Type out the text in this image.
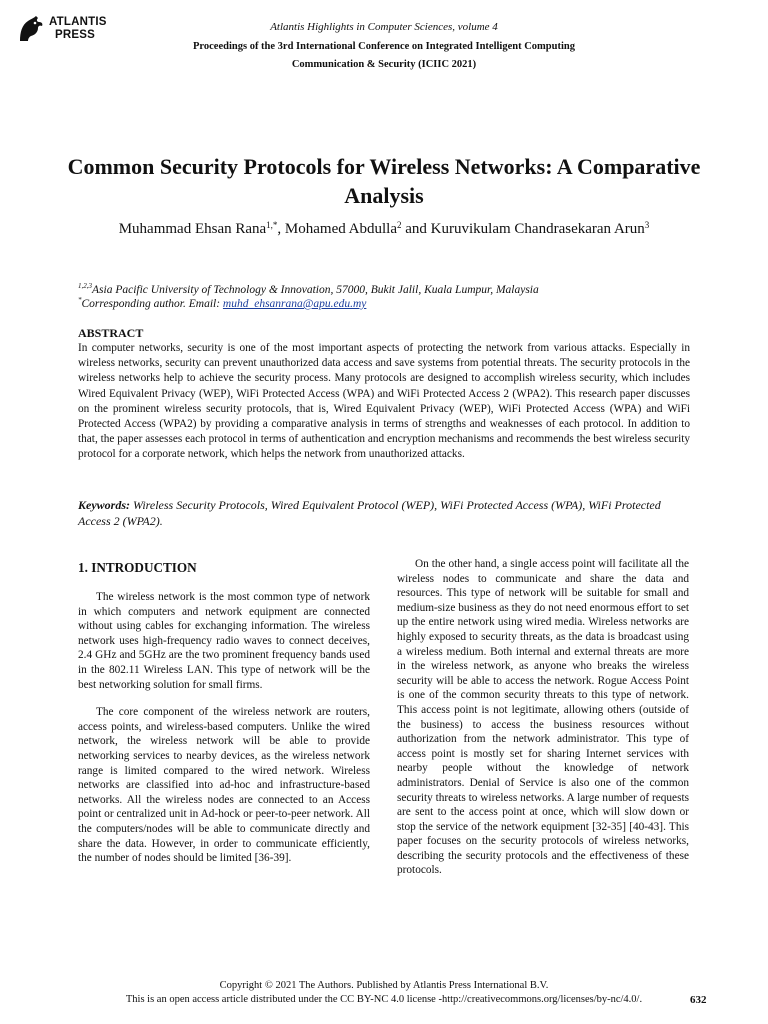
ATLANTIS
PRESS
Atlantis Highlights in Computer Sciences, volume 4
Proceedings of the 3rd International Conference on Integrated Intelligent Computing
Communication & Security (ICIIC 2021)
Common Security Protocols for Wireless Networks: A Comparative Analysis
Muhammad Ehsan Rana$^{1,*}$, Mohamed Abdulla$^2$ and Kuruvikulam Chandrasekaran Arun$^3$
$^{1,2,3}$Asia Pacific University of Technology & Innovation, 57000, Bukit Jalil, Kuala Lumpur, Malaysia
*Corresponding author. Email: muhd_ehsanrana@apu.edu.my
ABSTRACT

In computer networks, security is one of the most important aspects of protecting the network from various attacks. Especially in wireless networks, security can prevent unauthorized data access and save systems from potential threats. The security protocols in the wireless networks help to achieve the security process. Many protocols are designed to accomplish wireless security, which includes Wired Equivalent Privacy (WEP), WiFi Protected Access (WPA) and WiFi Protected Access 2 (WPA2). This research paper discusses on the prominent wireless security protocols, that is, Wired Equivalent Privacy (WEP), WiFi Protected Access (WPA) and WiFi Protected Access (WPA2) by providing a comparative analysis in terms of strengths and weaknesses of each protocol. In addition to that, the paper assesses each protocol in terms of authentication and encryption mechanisms and recommends the best wireless security protocol for a corporate network, which helps the network from unauthorized attacks.

Keywords: Wireless Security Protocols, Wired Equivalent Protocol (WEP), WiFi Protected Access (WPA), WiFi Protected Access 2 (WPA2).

1. INTRODUCTION

The wireless network is the most common type of network in which computers and network equipment are connected without using cables for exchanging information. The wireless network uses high-frequency radio waves to connect deceives, 2.4 GHz and 5GHz are the two prominent frequency bands used in the 802.11 Wireless LAN. This type of network will be the best networking solution for small firms.

The core component of the wireless network are routers, access points, and wireless-based computers. Unlike the wired network, the wireless network will be able to provide networking services to nearby devices, as the wireless network range is limited compared to the wired network. Wireless networks are classified into ad-hoc and infrastructure-based networks. All the wireless nodes are connected to an Access point or centralized unit in Ad-hock or peer-to-peer network. All the computers/nodes will be able to communicate directly and share the data. However, in order to communicate efficiently, the number of nodes should be limited [36-39].

On the other hand, a single access point will facilitate all the wireless nodes to communicate and share the data and resources. This type of network will be suitable for small and medium-size business as they do not need enormous effort to set up the entire network using wired media. Wireless networks are highly exposed to security threats, as the data is broadcast using a wireless medium. Both internal and external threats are more in the wireless network, as anyone who breaks the wireless security will be able to access the network. Rogue Access Point is one of the common security threats to this type of network. This access point is not legitimate, allowing others (outside of the business) to access the business resources without authorization from the network administrator. This type of access point is mostly set for sharing Internet services with nearby people without the knowledge of network administrators. Denial of Service is also one of the common security threats to wireless networks. A large number of requests are sent to the access point at once, which will slow down or stop the service of the network equipment [32-35] [40-43]. This paper focuses on the security protocols of wireless networks, describing the security protocols and the effectiveness of these protocols.

Copyright © 2021 The Authors. Published by Atlantis Press International B.V.
This is an open access article distributed under the CC BY-NC 4.0 license -http://creativecommons.org/licenses/by-nc/4.0/.	632
